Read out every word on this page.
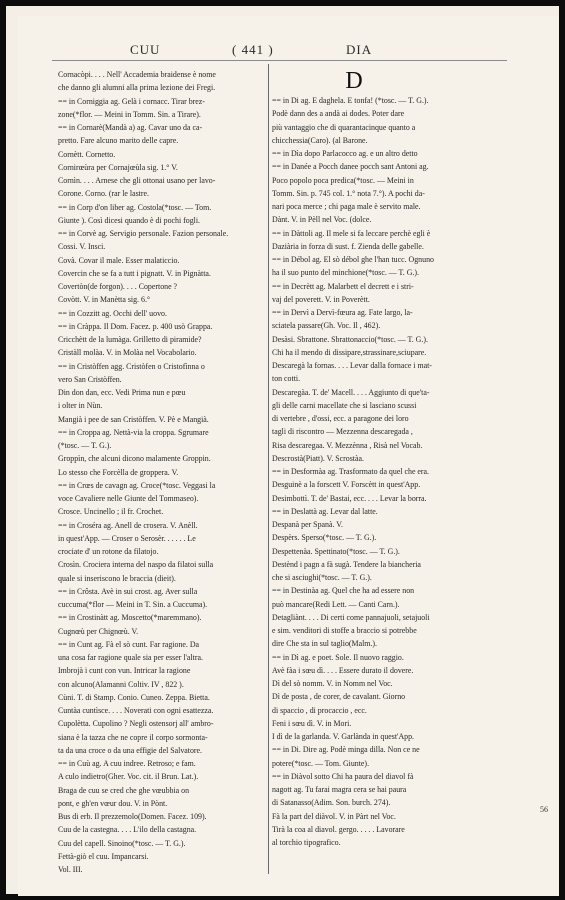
CUU	( 441 )	DIA
Cornacòpi. . . . Nell' Accademia braidense è nome
che danno gli alumni alla prima lezione dei Fregi.
== in Corniggia ag. Gelà i cornacc. Tirar brez-
zone(*flor. — Meini in Tomm. Sin. a Tirare).
== in Cornarè(Mandà a) ag. Cavar uno da ca-
pretto. Fare alcuno marito delle capre.
Cornètt. Cornetto.
Cornirœùra per Cornajœùla sig. 1.° V.
Cornìn. . . . Arnese che gli ottonai usano per lavo-
Corone. Corno. (rar le lastre.
== in Corp d'on liber ag. Costola(*tosc. — Tom.
Giunte ). Così dicesi quando è di pochi fogli.
== in Corvè ag. Servigio personale. Fazion personale.
Cossi. V. Insci.
Covà. Covar il male. Esser malaticcio.
Covercin che se fa a tutt i pignatt. V. in Pignàtta.
Covertòn(de forgon). . . . Copertone ?
Covòtt. V. in Manètta sig. 6.°
== in Cozzitt ag. Occhi dell' uovo.
== in Cràppa. Il Dom. Facez. p. 400 usò Grappa.
Cricchètt de la lumàga. Grilletto di piramide?
Cristàll molàa. V. in Molàa nel Vocabolario.
== in Cristòffen agg. Cristòfen o Cristofìnna o
vero San Cristòffen.
Din don dan, ecc. Vedi Prima nun e pœu
i olter in Nùn.
Mangià i pee de san Cristòffen. V. Pè e Mangià.
== in Croppa ag. Nettà-via la croppa. Sgrumare
(*tosc. — T. G.).
Groppìn, che alcuni dicono malamente Groppin.
Lo stesso che Forcèlla de groppera. V.
== in Crœs de cavagn ag. Croce(*tosc. Veggasi la
voce Cavaliere nelle Giunte del Tommaseo).
Crosce. Uncinello ; il fr. Crochet.
== in Croséra ag. Anell de crosera. V. Anèll.
in quest'App. — Croser o Serosèr. . . . . . Le
crociate d' un rotone da filatojo.
Crosìn. Crociera interna del naspo da filatoi sulla
quale si inseriscono le braccia (dieit).
== in Crôsta. Avè in sui crost. ag. Aver sulla
cuccuma(*flor — Meini in T. Sin. a Cuccuma).
== in Crostinàtt ag. Moscetto(*maremmano).
Cugnœù per Chignœù. V.
== in Cunt ag. Fà el sò cunt. Far ragione. Da
una cosa far ragione quale sia per esser l'altra.
Imbrojà i cunt con vun. Intricar la ragione
con alcuno(Alamanni Coltiv. IV , 822 ).
Cùni. T. di Stamp. Conio. Cuneo. Zeppa. Bietta.
Cuntàa cuntìsce. . . . Noverati con ogni esattezza.
Cupolètta. Cupolino ? Negli ostensorj all' ambro-
siana è la tazza che ne copre il corpo sormonta-
ta da una croce o da una effigie del Salvatore.
== in Cuù ag. A cuu indree. Retroso; e fam.
A culo indietro(Gher. Voc. cit. il Brun. Lat.).
Braga de cuu se cred che ghe vœubbia on
pont, e gh'en vœur dou. V. in Pònt.
Bus di erb. Il prezzemolo(Domen. Facez. 109).
Cuu de la castegna. . . . L'ilo della castagna.
Cuu del capell. Sinoino(*tosc. — T. G.).
Fettà-giò el cuu. Impancarsi.
Vol. III.
D
== in Di ag. E daghela. E tonfa! (*tosc. — T. G.).
Podè dann des a andà ai dodes. Poter dare
più vantaggio che di quarantacinque quanto a
chicchessia(Caro). (al Barone.
== in Dìa dopo Parlacocco ag. e un altro detto
== in Danée a Pocch danee pocch sant Antoni ag.
Poco popolo poca predica(*tosc. — Meini in
Tomm. Sin. p. 745 col. 1.° nota 7.°). A pochi da-
nari poca merce ; chi paga male è servito male.
Dànt. V. in Pèll nel Voc. (dolce.
== in Dàttoli ag. Il mele si fa leccare perchè egli è
Daziària in forza di sust. f. Zienda delle gabelle.
== in Débol ag. El sò débol ghe l'han tucc. Ognuno
ha il suo punto del minchione(*tosc. — T. G.).
== in Decrètt ag. Malarbett el decrett e i stri-
vaj del poverett. V. in Poverètt.
== in Dervì a Dervì-fœura ag. Fate largo, la-
sciatela passare(Gh. Voc. Il , 462).
Desàsi. Sbrattone. Sbrattonaccio(*tosc. — T. G.).
Chi ha il mendo di dissipare,strassinare,sciupare.
Descaregà la fornas. . . . Levar dalla fornace i mat-
ton cotti.
Descaregàa. T. de' Macell. . . . Aggiunto di que'ta-
gli delle carni macellate che si lasciano scussi
di vertebre , d'ossi, ecc. a paragone dei loro
tagli di riscontro — Mezzenna descaregada ,
Risa descaregaa. V. Mezzènna , Risà nel Vocab.
Descrostà(Piatt). V. Scrostàa.
== in Desformàa ag. Trasformato da quel che era.
Desguinè a la forscett V. Forscètt in quest'App.
Desimbottì. T. de' Bastai, ecc. . . . Levar la borra.
== in Deslattà ag. Levar dal latte.
Despanà per Spanà. V.
Despèrs. Sperso(*tosc. — T. G.).
Despettenàa. Spettinato(*tosc. — T. G.).
Destènd i pagn a fà sugà. Tendere la biancheria
che si asciughi(*tosc. — T. G.).
== in Destinàa ag. Quel che ha ad essere non
può mancare(Redi Lett. — Canti Carn.).
Detagliànt. . . . Di certi come pannajuoli, setajuoli
e sim. venditori di stoffe a braccio si potrebbe
dire Che sta in sul taglio(Malm.).
== in Dì ag. e poet. Sole. Il nuovo raggio.
Avè fàa i sœu dì. . . . Essere durato il dovere.
Dì del sò nomm. V. in Nomm nel Voc.
Dì de posta , de corer, de cavalant. Giorno
di spaccio , di procaccio , ecc.
Feni i sœu dì. V. in Mori.
I dì de la garlanda. V. Garlànda in quest'App.
== in Di. Dire ag. Podè minga dilla. Non ce ne
potere(*tosc. — Tom. Giunte).
== in Diàvol sotto Chi ha paura del diavol fà
nagott ag. Tu farai magra cera se hai paura
di Satanasso(Adim. Son. burch. 274).
Fà la part del diàvol. V. in Pàrt nel Voc.
Tirà la coa al diavol. gergo. . . . . Lavorare
al torchio tipografico.
56
